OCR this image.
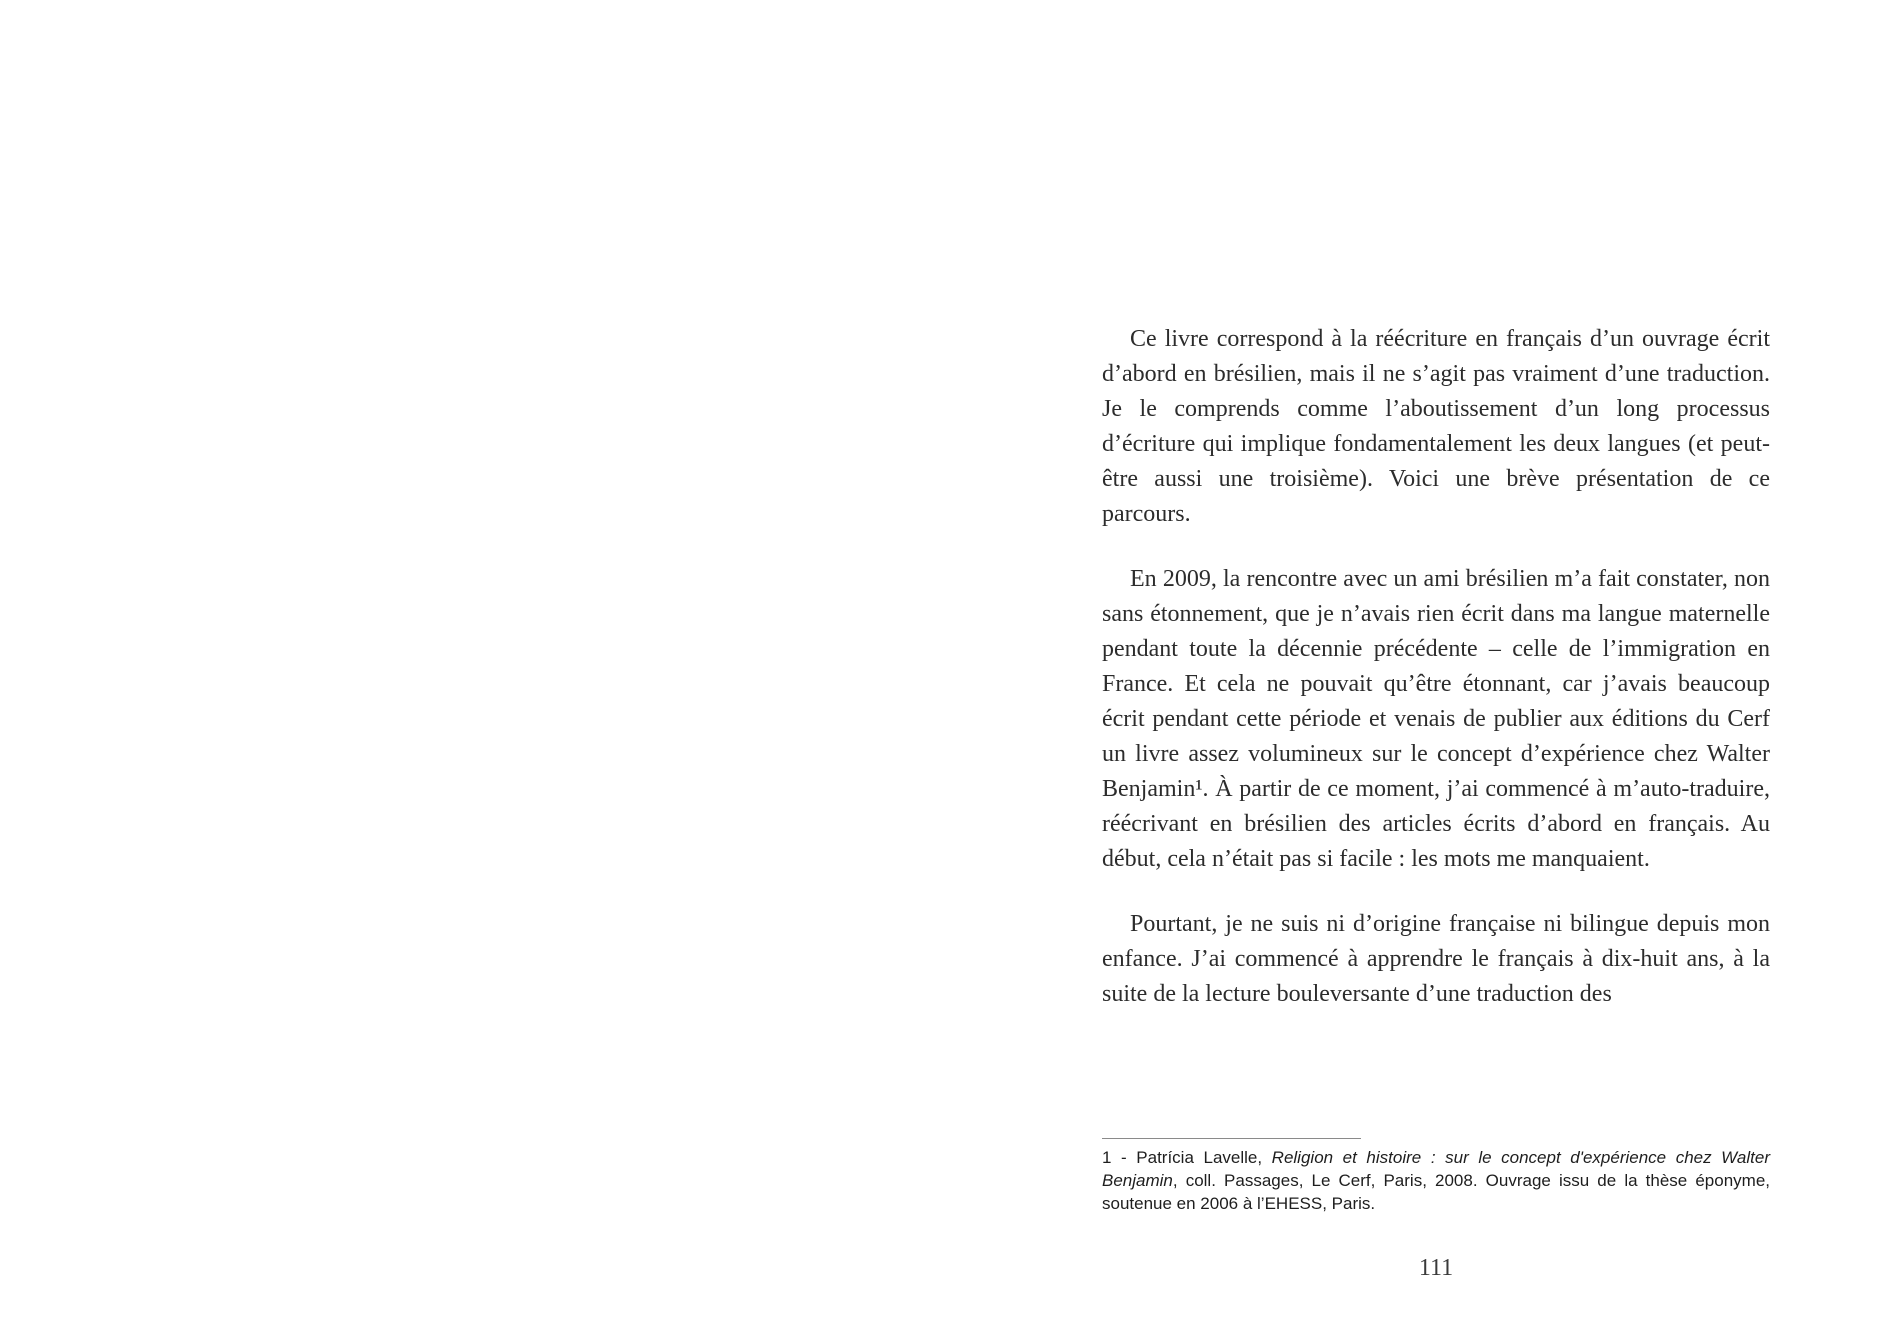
Ce livre correspond à la réécriture en français d’un ouvrage écrit d’abord en brésilien, mais il ne s’agit pas vraiment d’une traduction. Je le comprends comme l’aboutissement d’un long processus d’écriture qui implique fondamentalement les deux langues (et peut-être aussi une troisième). Voici une brève présentation de ce parcours.

En 2009, la rencontre avec un ami brésilien m’a fait constater, non sans étonnement, que je n’avais rien écrit dans ma langue maternelle pendant toute la décennie précédente – celle de l’immigration en France. Et cela ne pouvait qu’être étonnant, car j’avais beaucoup écrit pendant cette période et venais de publier aux éditions du Cerf un livre assez volumineux sur le concept d’expérience chez Walter Benjamin¹. À partir de ce moment, j’ai commencé à m’auto-traduire, réécrivant en brésilien des articles écrits d’abord en français. Au début, cela n’était pas si facile : les mots me manquaient.

Pourtant, je ne suis ni d’origine française ni bilingue depuis mon enfance. J’ai commencé à apprendre le français à dix-huit ans, à la suite de la lecture bouleversante d’une traduction des

1 - Patrícia Lavelle, Religion et histoire : sur le concept d'expérience chez Walter Benjamin, coll. Passages, Le Cerf, Paris, 2008. Ouvrage issu de la thèse éponyme, soutenue en 2006 à l’EHESS, Paris.

111
